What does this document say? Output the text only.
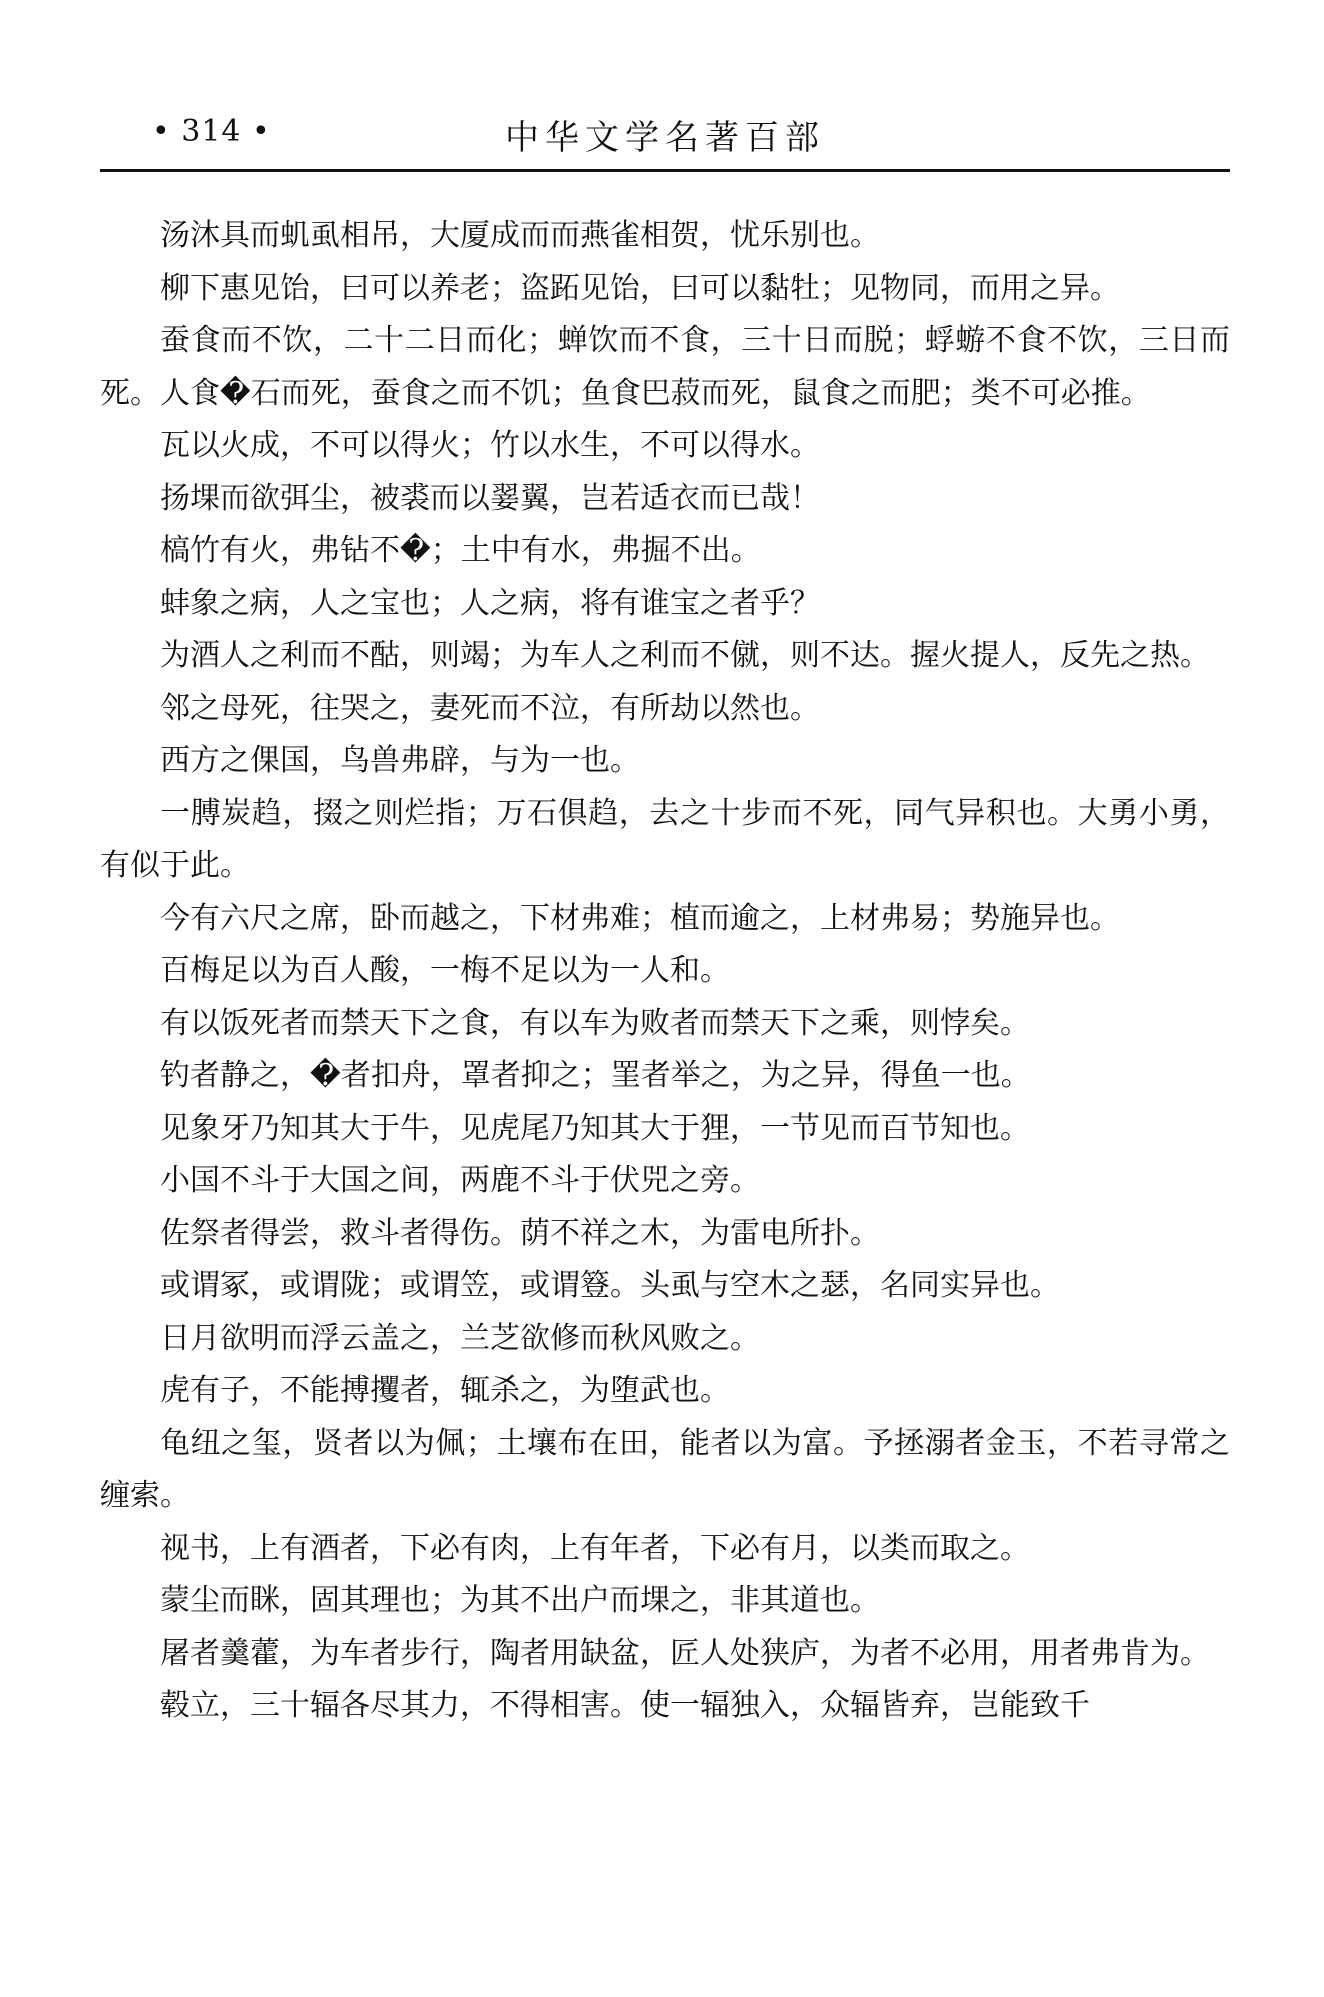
• 314 •	中华文学名著百部

汤沐具而虮虱相吊，大厦成而而燕雀相贺，忧乐别也。

柳下惠见饴，曰可以养老；盗跖见饴，曰可以黏牡；见物同，而用之异。

蚕食而不饮，二十二日而化；蝉饮而不食，三十日而脱；蜉蝣不食不饮，三日而死。人食�石而死，蚕食之而不饥；鱼食巴菽而死，鼠食之而肥；类不可必推。

瓦以火成，不可以得火；竹以水生，不可以得水。

扬堁而欲弭尘，被裘而以翣翼，岂若适衣而已哉！

槁竹有火，弗钻不�；土中有水，弗掘不出。

蚌象之病，人之宝也；人之病，将有谁宝之者乎？

为酒人之利而不酤，则竭；为车人之利而不僦，则不达。握火提人，反先之热。

邻之母死，往哭之，妻死而不泣，有所劫以然也。

西方之倮国，鸟兽弗辟，与为一也。

一膊炭趋，掇之则烂指；万石俱趋，去之十步而不死，同气异积也。大勇小勇，有似于此。

今有六尺之席，卧而越之，下材弗难；植而逾之，上材弗易；势施异也。

百梅足以为百人酸，一梅不足以为一人和。

有以饭死者而禁天下之食，有以车为败者而禁天下之乘，则悖矣。

钓者静之，�者扣舟，罩者抑之；罣者举之，为之异，得鱼一也。

见象牙乃知其大于牛，见虎尾乃知其大于狸，一节见而百节知也。

小国不斗于大国之间，两鹿不斗于伏兕之旁。

佐祭者得尝，救斗者得伤。荫不祥之木，为雷电所扑。

或谓冢，或谓陇；或谓笠，或谓簦。头虱与空木之瑟，名同实异也。

日月欲明而浮云盖之，兰芝欲修而秋风败之。

虎有子，不能搏攫者，辄杀之，为堕武也。

龟纽之玺，贤者以为佩；土壤布在田，能者以为富。予拯溺者金玉，不若寻常之缠索。

视书，上有酒者，下必有肉，上有年者，下必有月，以类而取之。

蒙尘而眯，固其理也；为其不出户而堁之，非其道也。

屠者羹藿，为车者步行，陶者用缺盆，匠人处狭庐，为者不必用，用者弗肯为。

毂立，三十辐各尽其力，不得相害。使一辐独入，众辐皆弃，岂能致千
